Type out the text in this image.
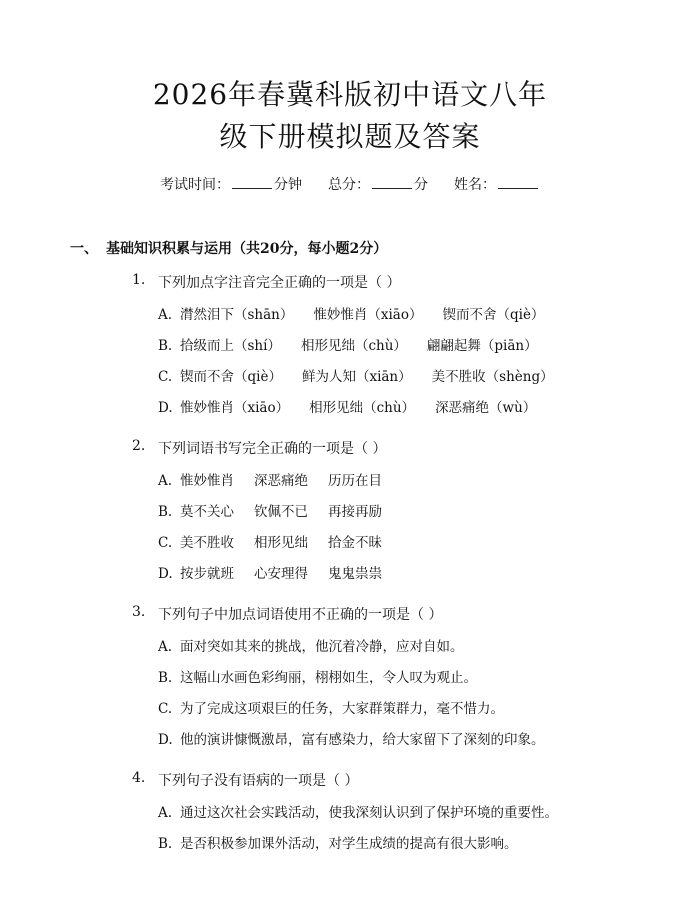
2026年春冀科版初中语文八年级下册模拟题及答案
考试时间：	分钟 总分：	分 姓名：
一、 基础知识积累与运用（共20分，每小题2分）
1. 下列加点字注音完全正确的一项是（ ）
A. 潸然泪下（shān） 惟妙惟肖（xiāo） 锲而不舍（qiè）
B. 拾级而上（shí） 相形见绌（chù） 翩翩起舞（piān）
C. 锲而不舍（qiè） 鲜为人知（xiān） 美不胜收（shèng）
D. 惟妙惟肖（xiāo） 相形见绌（chù） 深恶痛绝（wù）
2. 下列词语书写完全正确的一项是（ ）
A. 惟妙惟肖 深恶痛绝 历历在目
B. 莫不关心 钦佩不已 再接再励
C. 美不胜收 相形见绌 拾金不昧
D. 按步就班 心安理得 鬼鬼祟祟
3. 下列句子中加点词语使用不正确的一项是（ ）
A. 面对突如其来的挑战，他沉着冷静，应对自如。
B. 这幅山水画色彩绚丽，栩栩如生，令人叹为观止。
C. 为了完成这项艰巨的任务，大家群策群力，毫不惜力。
D. 他的演讲慷慨激昂，富有感染力，给大家留下了深刻的印象。
4. 下列句子没有语病的一项是（ ）
A. 通过这次社会实践活动，使我深刻认识到了保护环境的重要性。
B. 是否积极参加课外活动，对学生成绩的提高有很大影响。
